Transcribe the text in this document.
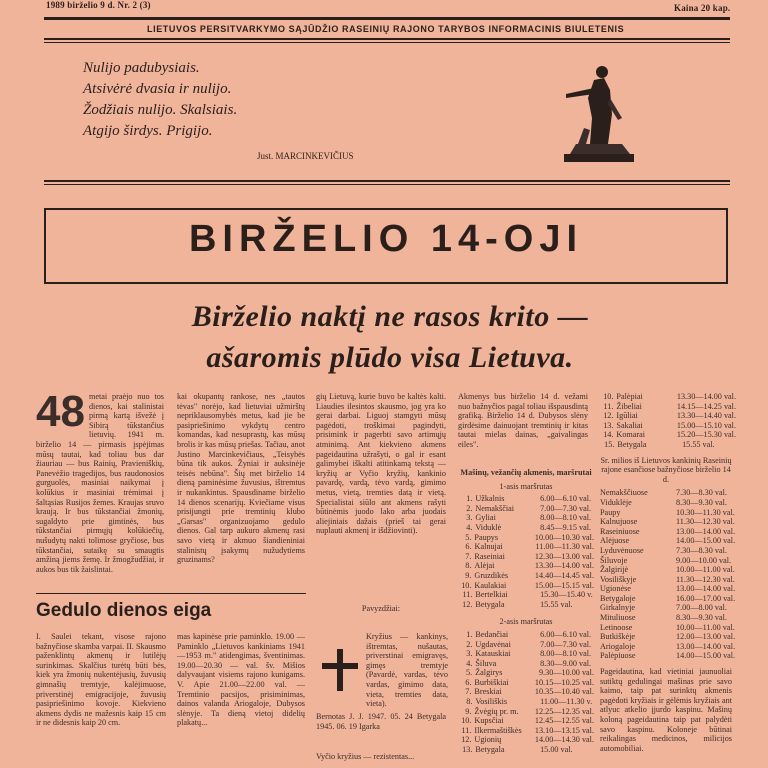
1989 birželio 9 d. Nr. 2 (3)	Kaina 20 kap.
LIETUVOS PERSITVARKYMO SĄJŪDŽIO RASEINIŲ RAJONO TARYBOS INFORMACINIS BIULETENIS
Nulijo padubysiais.
Atsivėrė dvasia ir nulijo.
Žodžiais nulijo. Skalsiais.
Atgijo širdys. Prigijo.
Just. MARCINKEVIČIUS
BIRŽELIO 14-OJI
Birželio naktį ne rasos krito —
ašaromis plūdo visa Lietuva.
48 metai praėjo nuo tos dienos, kai stalinistai pirmą kartą išvežė į Sibirą tūkstančius lietuvių. 1941 m. birželio 14 — pirmasis įspėjimas mūsų tautai, kad toliau bus dar žiauriau — bus Rainių, Pravieniškių, Panevėžio tragedijos, bus raudonosios gurguolės, masiniai naikymai į kolūkius ir masiniai trėmimai į šaltąsias Rusijos žemes. Kraujas sruvo kraują. Ir bus tūkstančiai žmonių, sugaldyto prie gimtinės, bus tūkstančiai pirmųjų kolūkiečių, nušudytų nakti tolimose gryčiose, bus tūkstančiai, sutaikę su smaugtis amžiną jiems žemę. Ir žmogžudžiai, ir aukos bus tik žaislintai.
kai okupantų rankose, nes „tautos tėvas" norėjo, kad lietuviai užmirštų nepriklausomybės metus, kad jie be pasipriešinimo vykdytų centro komandas, kad nesuprastų, kas mūsų brolis ir kas mūsų priešas. Tačiau, anot Justino Marcinkevičiaus, „Teisybės būna tik aukos. Žyniai ir auksinėje teisės nebūna". Šių met birželio 14 dieną paminėsime žuvusius, ištremtus ir nukankintus. Spausdiname birželio 14 dienos scenarijų. Kviečiame visus prisijungti prie tremtinių klubo „Garsas" organizuojamo gedulo dienos. Gal tarp aukuro akmenų rasi savo vietą ir akmuo šiandieniniai stalinistų įsakymų nužudytiems gruzinams?
gių Lietuvą, kurie buvo be kaltės kalti. Liaudies ilesintos skausmo, jog yra ko gerai darbai. Liguoj stamgyti mūsų pagėdoti, troškimai pagindyti, prisimink ir pagerbti savo artimųjų atminimą. Ant kiekvieno akmens pageidautina užrašyti, o gal ir esant galimybei iškalti atitinkamą tekstą — kryžių ar Vyčio kryžių, kankinio pavardę, vardą, tėvo vardą, gimimo metus, vietą, tremties datą ir vietą. Specialistai siūlo ant akmens rašyti būtinėmis juodo lako arba juodais aliejiniais dažais (prieš tai gerai nuplauti akmenį ir išdžiovinti).
Akmenys bus birželio 14 d. vežami nuo bažnyčios pagal toliau išspausdintą grafiką. Birželio 14 d. Dubysos slėny girdėsime dainuojant tremtinių ir kitas tautai mielas dainas, „gaivalingas eiles".
Mašinų, vežančių akmenis, maršrutai
1-asis maršrutas
1. Užkalnis	6.00—6.10 val.
2. Nemakščiai	7.00—7.30 val.
3. Gyliai	8.00—8.10 val.
4. Viduklė	8.45—9.15 val.
5. Paupys	10.00—10.30 val.
6. Kalnujai	11.00—11.30 val.
7. Raseiniai	12.30—13.00 val.
8. Alėjai	13.30—14.00 val.
9. Gruzdikės	14.40—14.45 val.
10. Kaulakiai	15.00—15.15 val.
11. Bertelkiai	15.30—15.40 v.
12. Betygala	15.55 val.
2-asis maršrutas
1. Bedančiai	6.00—6.10 val.
2. Ugdavėnai	7.00—7.30 val.
3. Katauskiai	8.00—8.10 val.
4. Šiluva	8.30—9.00 val.
5. Žalgirys	9.30—10.00 val.
6. Burbiškiai	10.15—10.25 val.
7. Breskiai	10.35—10.40 val.
8. Vosiliškis	11.00—11.30 v.
9. Žvėgių pr. m.	12.25—12.35 val.
10. Kupsčiai	12.45—12.55 val.
11. Ilkermaštiškės	13.10—13.15 val.
12. Ugionių	14.00—14.30 val.
13. Betygala	15.00 val.
10. Palėpiai	13.30—14.00 val.
11. Žibeliai	14.15—14.25 val.
12. Igūliai	13.30—14.40 val.
13. Sakaliai	15.00—15.10 val.
14. Komarai	15.20—15.30 val.
15. Betygala	15.55 val.
Sr. milios iš Lietuvos kankinių Raseinių rajone esančiose bažnyčiose birželio 14 d.
Nemakščiuose	7.30—8.30 val.
Viduklėje	8.30—9.30 val.
Paupy	10.30—11.30 val.
Kalnujuose	11.30—12.30 val.
Raseiniuose	13.00—14.00 val.
Alėjuose	14.00—15.00 val.
Lyduvėnuose	7.30—8.30 val.
Šiluvoje	9.00—10.00 val.
Žalgirijė	10.00—11.00 val.
Vosiliškyje	11.30—12.30 val.
Ugionėse	13.00—14.00 val.
Betygaloje	16.00—17.00 val.
Girkalnyje	7.00—8.00 val.
Mituliuose	8.30—9.30 val.
Letinoose	10.00—11.00 val.
Butkiškėje	12.00—13.00 val.
Ariogaloje	13.00—14.00 val.
Palėpiuose	14.00—15.00 val.
Pageidautina, kad vietiniai jaunuoliai sutiktų gedulingai mašinas prie savo kaimo, taip pat surinktų akmenis pagėdoti kryžiais ir gėlėmis kryžiais ant atlyuc atkelio įjurdo kaspinu. Mašinų koloną pageidautina taip pat palydėti savo kaspinu. Koloneje būtinai reikalingas medicinos, milicijos automobiliai.
Gedulo dienos eiga
I. Saulei tekant, visose rajono bažnyčiose skamba varpai. II. Skausmo paženklintų akmenų ir lutilėjų surinkimas. Skalčius turėtų būti bės, kiek yra žmonių nukentėjusių, žuvusių gimnašių tremtyje, kalėjimuose, priverstinėj emigracijoje, žuvusių pasipriešinimo kovoje. Kiekvieno akmens dydis ne mažesnis kaip 15 cm ir ne didesnis kaip 20 cm.
mas kapinėse prie paminklo. 19.00 — Paminklo „Lietuvos kankiniams 1941—1953 m." atidengimas, šventinimas. 19.00—20.30 — val. šv. Mišios dalyvaujant visiems rajono kunigams. V. Apie 21.00—22.00 val. — Tremtinio pacsijos, prisiminimas, dainos valanda Ariogaloje, Dubysos slėnyje. Ta dieną vietoj didelių plakatų...
Pavyzdžiai:
Kryžius — kankinys, ištremtas, nušautas, priverstinai emigravęs, gimęs tremtyje (Pavardė, vardas, tėvo vardas, gimimo data, vieta, tremties data, vieta).
Bernotas J. J. 1947. 05. 24 Betygala 1945. 06. 19 Igarka
Vyčio kryžius — rezistentas...
